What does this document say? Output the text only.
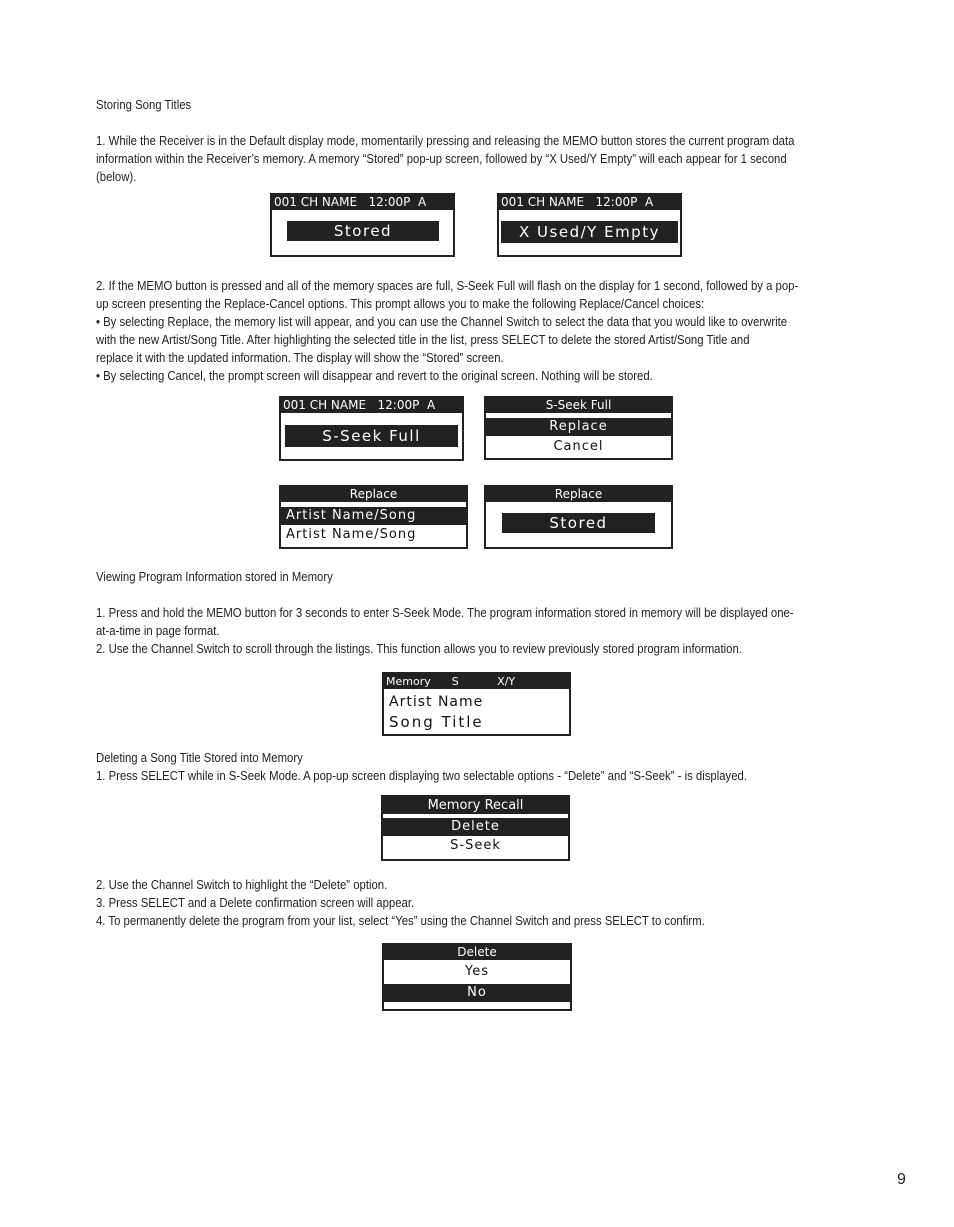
Storing Song Titles
1. While the Receiver is in the Default display mode, momentarily pressing and releasing the MEMO button stores the current program data
information within the Receiver’s memory. A memory “Stored” pop-up screen, followed by “X Used/Y Empty” will each appear for 1 second
(below).
001 CH NAME   12:00P  A
Stored
001 CH NAME   12:00P  A
X Used/Y Empty
2. If the MEMO button is pressed and all of the memory spaces are full, S-Seek Full will flash on the display for 1 second, followed by a pop-
up screen presenting the Replace-Cancel options. This prompt allows you to make the following Replace/Cancel choices:
• By selecting Replace, the memory list will appear, and you can use the Channel Switch to select the data that you would like to overwrite
with the new Artist/Song Title. After highlighting the selected title in the list, press SELECT to delete the stored Artist/Song Title and
replace it with the updated information. The display will show the “Stored” screen.
• By selecting Cancel, the prompt screen will disappear and revert to the original screen. Nothing will be stored.
001 CH NAME   12:00P  A
S-Seek Full
S-Seek Full
Replace
Cancel
Replace
Artist Name/Song
Artist Name/Song
Replace
Stored
Viewing Program Information stored in Memory
1. Press and hold the MEMO button for 3 seconds to enter S-Seek Mode. The program information stored in memory will be displayed one-
at-a-time in page format.
2. Use the Channel Switch to scroll through the listings. This function allows you to review previously stored program information.
Memory      S           X/Y
Artist Name
Song Title
Deleting a Song Title Stored into Memory
1. Press SELECT while in S-Seek Mode. A pop-up screen displaying two selectable options - “Delete” and “S-Seek” - is displayed.
Memory Recall
Delete
S-Seek
2. Use the Channel Switch to highlight the “Delete” option.
3. Press SELECT and a Delete confirmation screen will appear.
4. To permanently delete the program from your list, select “Yes” using the Channel Switch and press SELECT to confirm.
Delete
Yes
No
9
